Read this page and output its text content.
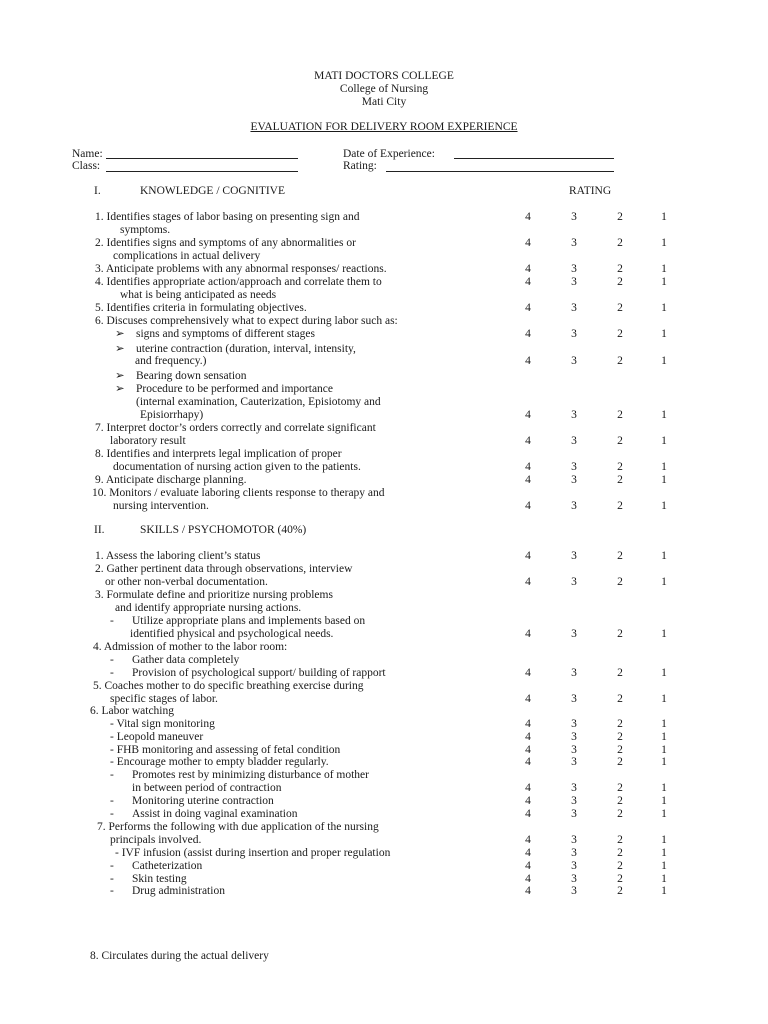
MATI DOCTORS COLLEGE
College of Nursing
Mati City
EVALUATION FOR DELIVERY ROOM EXPERIENCE
Name:
Class:
Date of Experience:
Rating:
I.	KNOWLEDGE / COGNITIVE	RATING
II.	SKILLS / PSYCHOMOTOR (40%)
1. Identifies stages of labor basing on presenting sign and	4	3	2	1
symptoms.
2. Identifies signs and symptoms of any abnormalities or	4	3	2	1
complications in actual delivery
3. Anticipate problems with any abnormal responses/ reactions.	4	3	2	1
4. Identifies appropriate action/approach and correlate them to	4	3	2	1
what is being anticipated as needs
5. Identifies criteria in formulating objectives.	4	3	2	1
6. Discuses comprehensively what to expect during labor such as:
➢ signs and symptoms of different stages	4	3	2	1
➢ uterine contraction (duration, interval, intensity,
and frequency.)	4	3	2	1
➢ Bearing down sensation
➢ Procedure to be performed and importance
(internal examination, Cauterization, Episiotomy and
Episiorrhapy)	4	3	2	1
7. Interpret doctor’s orders correctly and correlate significant
laboratory result	4	3	2	1
8. Identifies and interprets legal implication of proper
documentation of nursing action given to the patients.	4	3	2	1
9. Anticipate discharge planning.	4	3	2	1
10. Monitors / evaluate laboring clients response to therapy and
nursing intervention.	4	3	2	1
1. Assess the laboring client’s status	4	3	2	1
2. Gather pertinent data through observations, interview
or other non-verbal documentation.	4	3	2	1
3. Formulate define and prioritize nursing problems
and identify appropriate nursing actions.
- Utilize appropriate plans and implements based on
identified physical and psychological needs.	4	3	2	1
4. Admission of mother to the labor room:
- Gather data completely
- Provision of psychological support/ building of rapport	4	3	2	1
5. Coaches mother to do specific breathing exercise during
specific stages of labor.	4	3	2	1
6. Labor watching
- Vital sign monitoring	4	3	2	1
- Leopold maneuver	4	3	2	1
- FHB monitoring and assessing of fetal condition	4	3	2	1
- Encourage mother to empty bladder regularly.	4	3	2	1
- Promotes rest by minimizing disturbance of mother
in between period of contraction	4	3	2	1
- Monitoring uterine contraction	4	3	2	1
- Assist in doing vaginal examination	4	3	2	1
7. Performs the following with due application of the nursing
principals involved.	4	3	2	1
- IVF infusion (assist during insertion and proper regulation	4	3	2	1
- Catheterization	4	3	2	1
- Skin testing	4	3	2	1
- Drug administration	4	3	2	1
8. Circulates during the actual delivery
